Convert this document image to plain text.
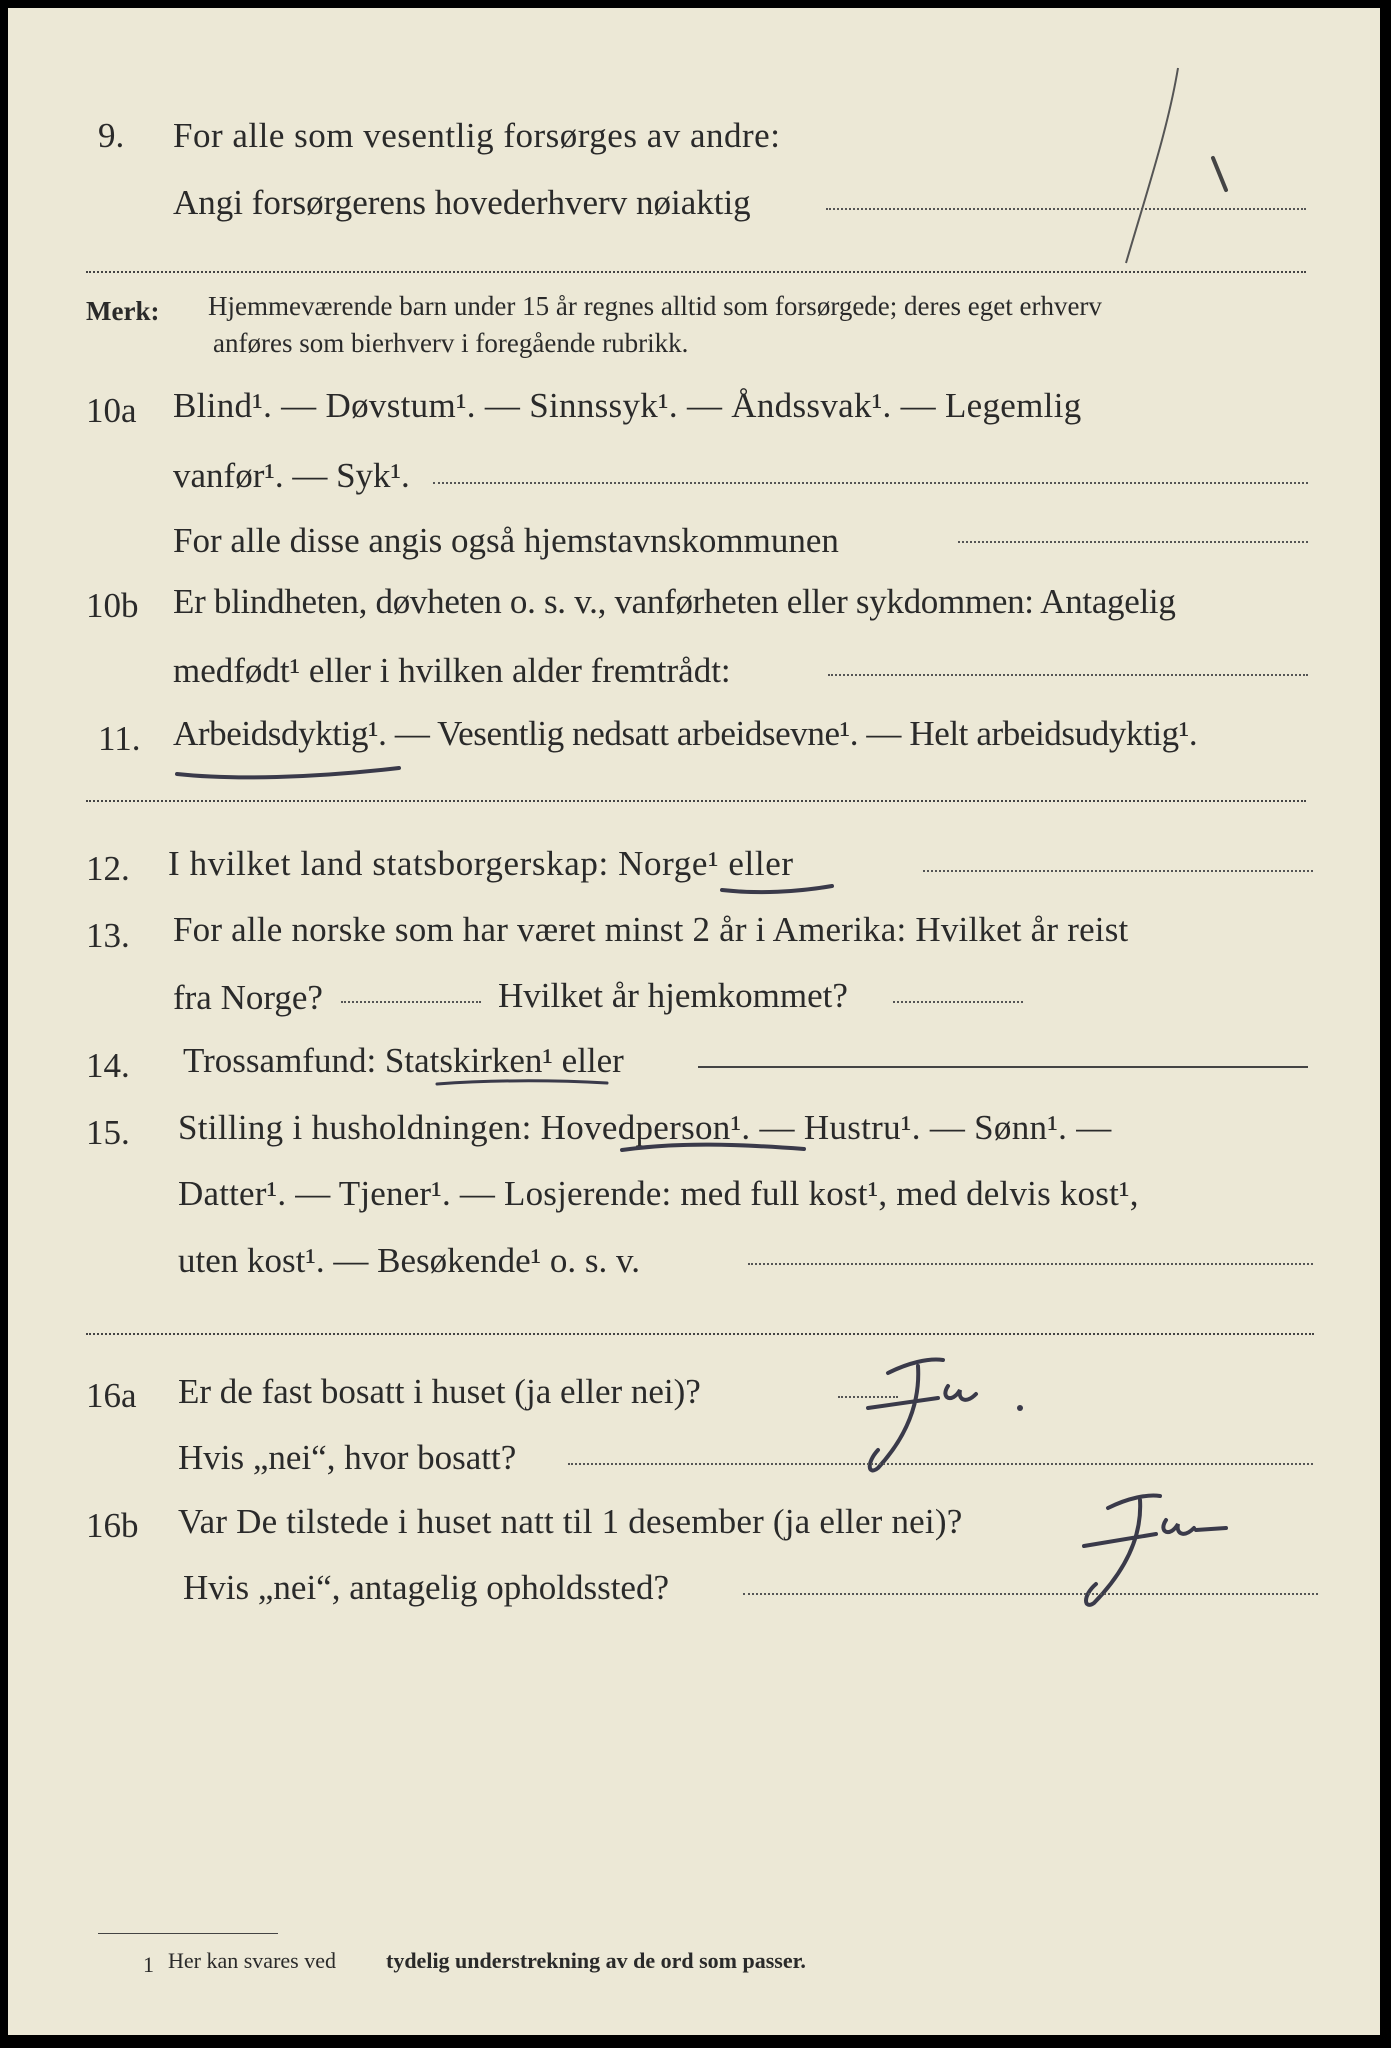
9. For alle som vesentlig forsørges av andre:
Angi forsørgerens hovederhverv nøiaktig
Merk: Hjemmeværende barn under 15 år regnes alltid som forsørgede; deres eget erhverv
anføres som bierhverv i foregående rubrikk.
10a Blind¹. — Døvstum¹. — Sinnssyk¹. — Åndssvak¹. — Legemlig
vanfør¹. — Syk¹.
For alle disse angis også hjemstavnskommunen
10b Er blindheten, døvheten o. s. v., vanførheten eller sykdommen: Antagelig
medfødt¹ eller i hvilken alder fremtrådt:
11. Arbeidsdyktig¹. — Vesentlig nedsatt arbeidsevne¹. — Helt arbeidsudyktig¹.
12. I hvilket land statsborgerskap: Norge¹ eller
13. For alle norske som har været minst 2 år i Amerika: Hvilket år reist
fra Norge?	Hvilket år hjemkommet?
14. Trossamfund: Statskirken¹ eller
15. Stilling i husholdningen: Hovedperson¹. — Hustru¹. — Sønn¹. —
Datter¹. — Tjener¹. — Losjerende: med full kost¹, med delvis kost¹,
uten kost¹. — Besøkende¹ o. s. v.
16a Er de fast bosatt i huset (ja eller nei)?
Hvis „nei“, hvor bosatt?
16b Var De tilstede i huset natt til 1 desember (ja eller nei)?
Hvis „nei“, antagelig opholdssted?
1 Her kan svares ved tydelig understrekning av de ord som passer.
